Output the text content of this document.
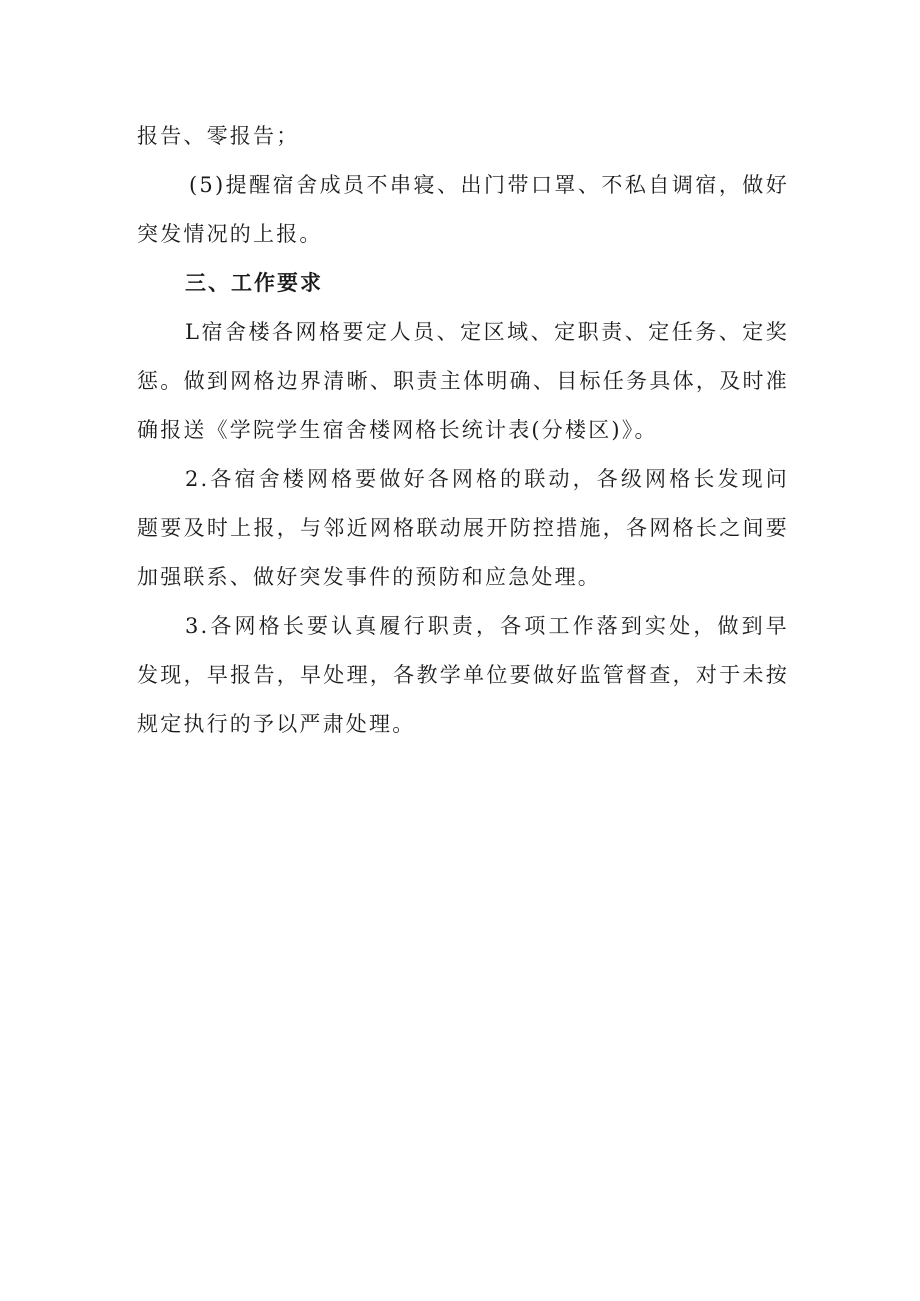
报告、零报告；

(5)提醒宿舍成员不串寝、出门带口罩、不私自调宿，做好突发情况的上报。

三、工作要求

L宿舍楼各网格要定人员、定区域、定职责、定任务、定奖惩。做到网格边界清晰、职责主体明确、目标任务具体，及时准确报送《学院学生宿舍楼网格长统计表(分楼区)》。

2.各宿舍楼网格要做好各网格的联动，各级网格长发现问题要及时上报，与邻近网格联动展开防控措施，各网格长之间要加强联系、做好突发事件的预防和应急处理。

3.各网格长要认真履行职责，各项工作落到实处，做到早发现，早报告，早处理，各教学单位要做好监管督查，对于未按规定执行的予以严肃处理。
